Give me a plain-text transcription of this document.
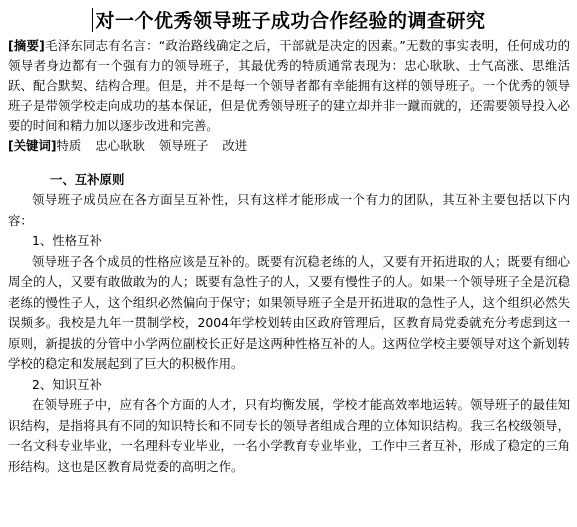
对一个优秀领导班子成功合作经验的调查研究

[摘要]毛泽东同志有名言：“政治路线确定之后，干部就是决定的因素。”无数的事实表明，任何成功的领导者身边都有一个强有力的领导班子，其最优秀的特质通常表现为：忠心耿耿、士气高涨、思维活跃、配合默契、结构合理。但是，并不是每一个领导者都有幸能拥有这样的领导班子。一个优秀的领导班子是带领学校走向成功的基本保证，但是优秀领导班子的建立却并非一蹴而就的，还需要领导投入必要的时间和精力加以逐步改进和完善。

[关键词]特质 忠心耿耿 领导班子 改进

一、互补原则

领导班子成员应在各方面呈互补性，只有这样才能形成一个有力的团队，其互补主要包括以下内容：

1、性格互补

领导班子各个成员的性格应该是互补的。既要有沉稳老练的人，又要有开拓进取的人；既要有细心周全的人，又要有敢做敢为的人；既要有急性子的人，又要有慢性子的人。如果一个领导班子全是沉稳老练的慢性子人，这个组织必然偏向于保守；如果领导班子全是开拓进取的急性子人，这个组织必然失误频多。我校是九年一贯制学校，2004年学校划转由区政府管理后，区教育局党委就充分考虑到这一原则，新提拔的分管中小学两位副校长正好是这两种性格互补的人。这两位学校主要领导对这个新划转学校的稳定和发展起到了巨大的积极作用。

2、知识互补

在领导班子中，应有各个方面的人才，只有均衡发展，学校才能高效率地运转。领导班子的最佳知识结构，是指将具有不同的知识特长和不同专长的领导者组成合理的立体知识结构。我三名校级领导，一名文科专业毕业，一名理科专业毕业，一名小学教育专业毕业，工作中三者互补，形成了稳定的三角形结构。这也是区教育局党委的高明之作。
